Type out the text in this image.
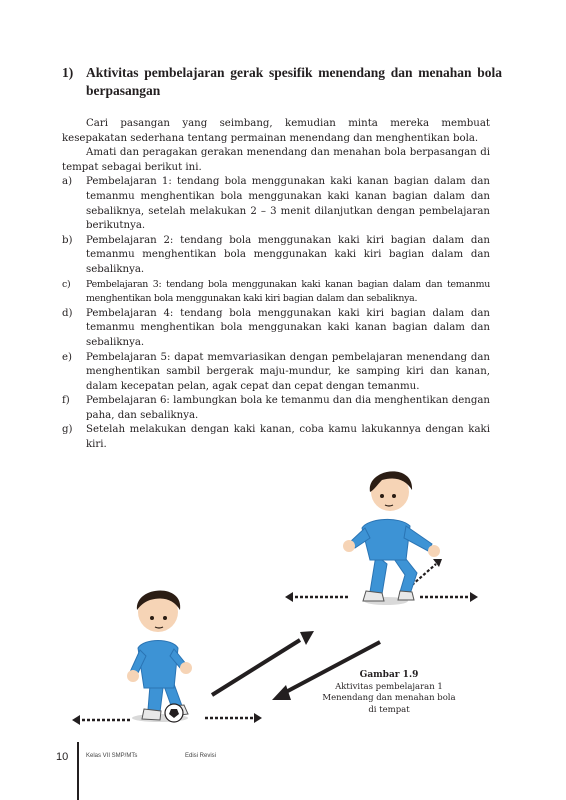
1) Aktivitas pembelajaran gerak spesifik menendang dan menahan bola berpasangan

Cari pasangan yang seimbang, kemudian minta mereka membuat kesepakatan sederhana tentang permainan menendang dan menghentikan bola.

Amati dan peragakan gerakan menendang dan menahan bola berpasangan di tempat sebagai berikut ini.

a) Pembelajaran 1: tendang bola menggunakan kaki kanan bagian dalam dan temanmu menghentikan bola menggunakan kaki kanan bagian dalam dan sebaliknya, setelah melakukan 2 – 3 menit dilanjutkan dengan pembelajaran berikutnya.
b) Pembelajaran 2: tendang bola menggunakan kaki kiri bagian dalam dan temanmu menghentikan bola menggunakan kaki kiri bagian dalam dan sebaliknya.
c) Pembelajaran 3: tendang bola menggunakan kaki kanan bagian dalam dan temanmu menghentikan bola menggunakan kaki kiri bagian dalam dan sebaliknya.
d) Pembelajaran 4: tendang bola menggunakan kaki kiri bagian dalam dan temanmu menghentikan bola menggunakan kaki kanan bagian dalam dan sebaliknya.
e) Pembelajaran 5: dapat memvariasikan dengan pembelajaran menendang dan menghentikan sambil bergerak maju-mundur, ke samping kiri dan kanan, dalam kecepatan pelan, agak cepat dan cepat dengan temanmu.
f) Pembelajaran 6: lambungkan bola ke temanmu dan dia menghentikan dengan paha, dan sebaliknya.
g) Setelah melakukan dengan kaki kanan, coba kamu lakukannya dengan kaki kiri.
Gambar 1.9
Aktivitas pembelajaran 1
Menendang dan menahan bola di tempat
10	Kelas VII SMP/MTs	Edisi Revisi
